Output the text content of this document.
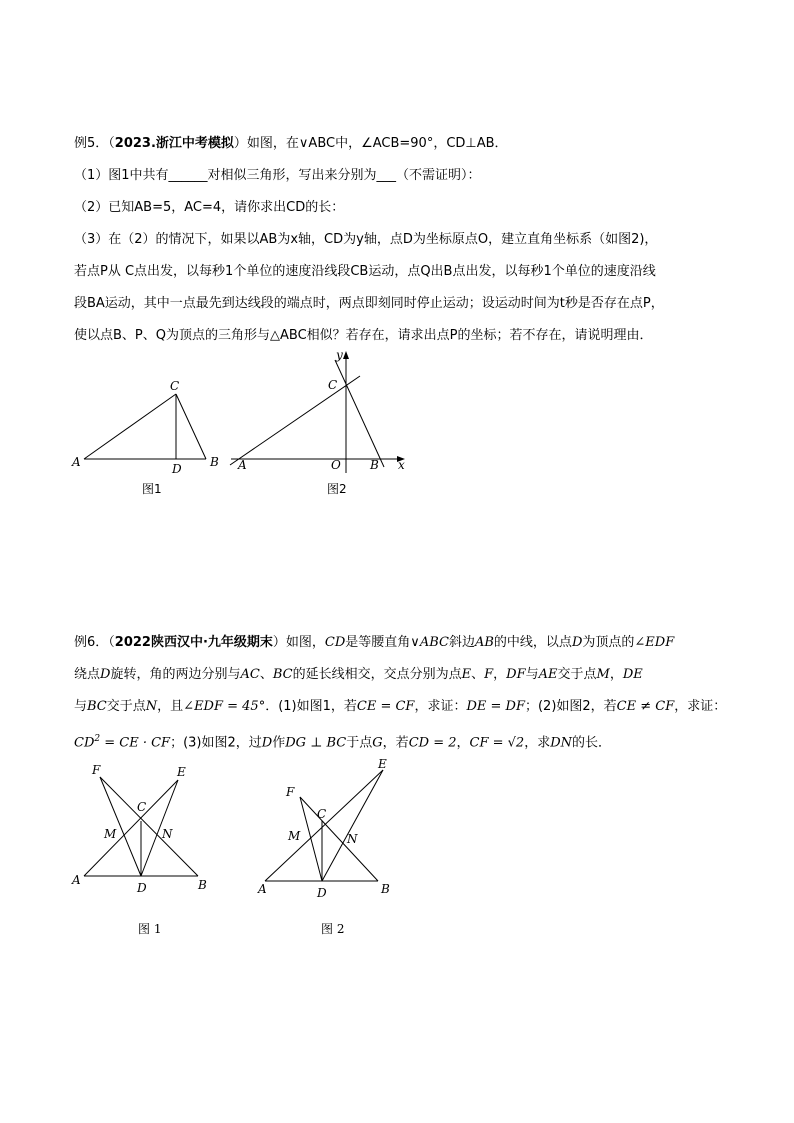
例5．（2023.浙江中考模拟）如图，在∨ABC中，∠ACB=90°，CD⊥AB．
（1）图1中共有______对相似三角形，写出来分别为___（不需证明）：
（2）已知AB=5，AC=4，请你求出CD的长：
（3）在（2）的情况下，如果以AB为x轴，CD为y轴，点D为坐标原点O，建立直角坐标系（如图2)，
若点P从 C点出发，以每秒1个单位的速度沿线段CB运动，点Q出B点出发，以每秒1个单位的速度沿线
段BA运动，其中一点最先到达线段的端点时，两点即刻同时停止运动；设运动时间为t秒是否存在点P，
使以点B、P、Q为顶点的三角形与△ABC相似？若存在，请求出点P的坐标；若不存在，请说明理由．
A	B
C
D
图1
A	O B x
y
C
图2
例6．（2022陕西汉中·九年级期末）如图，CD是等腰直角∨ABC斜边AB的中线，以点D为顶点的∠EDF
绕点D旋转，角的两边分别与AC、BC的延长线相交，交点分别为点E、F，DF与AE交于点M，DE
与BC交于点N，且∠EDF = 45°．(1)如图1，若CE = CF，求证：DE = DF；(2)如图2，若CE ≠ CF，求证：
$CD^2$ = CE · CF；(3)如图2，过D作DG ⊥ BC于点G，若CD = 2，CF = √2，求DN的长．
A	B
C
D
E
F
M	N
图 1
A	B
C
D
E
F
M	N
图 2
